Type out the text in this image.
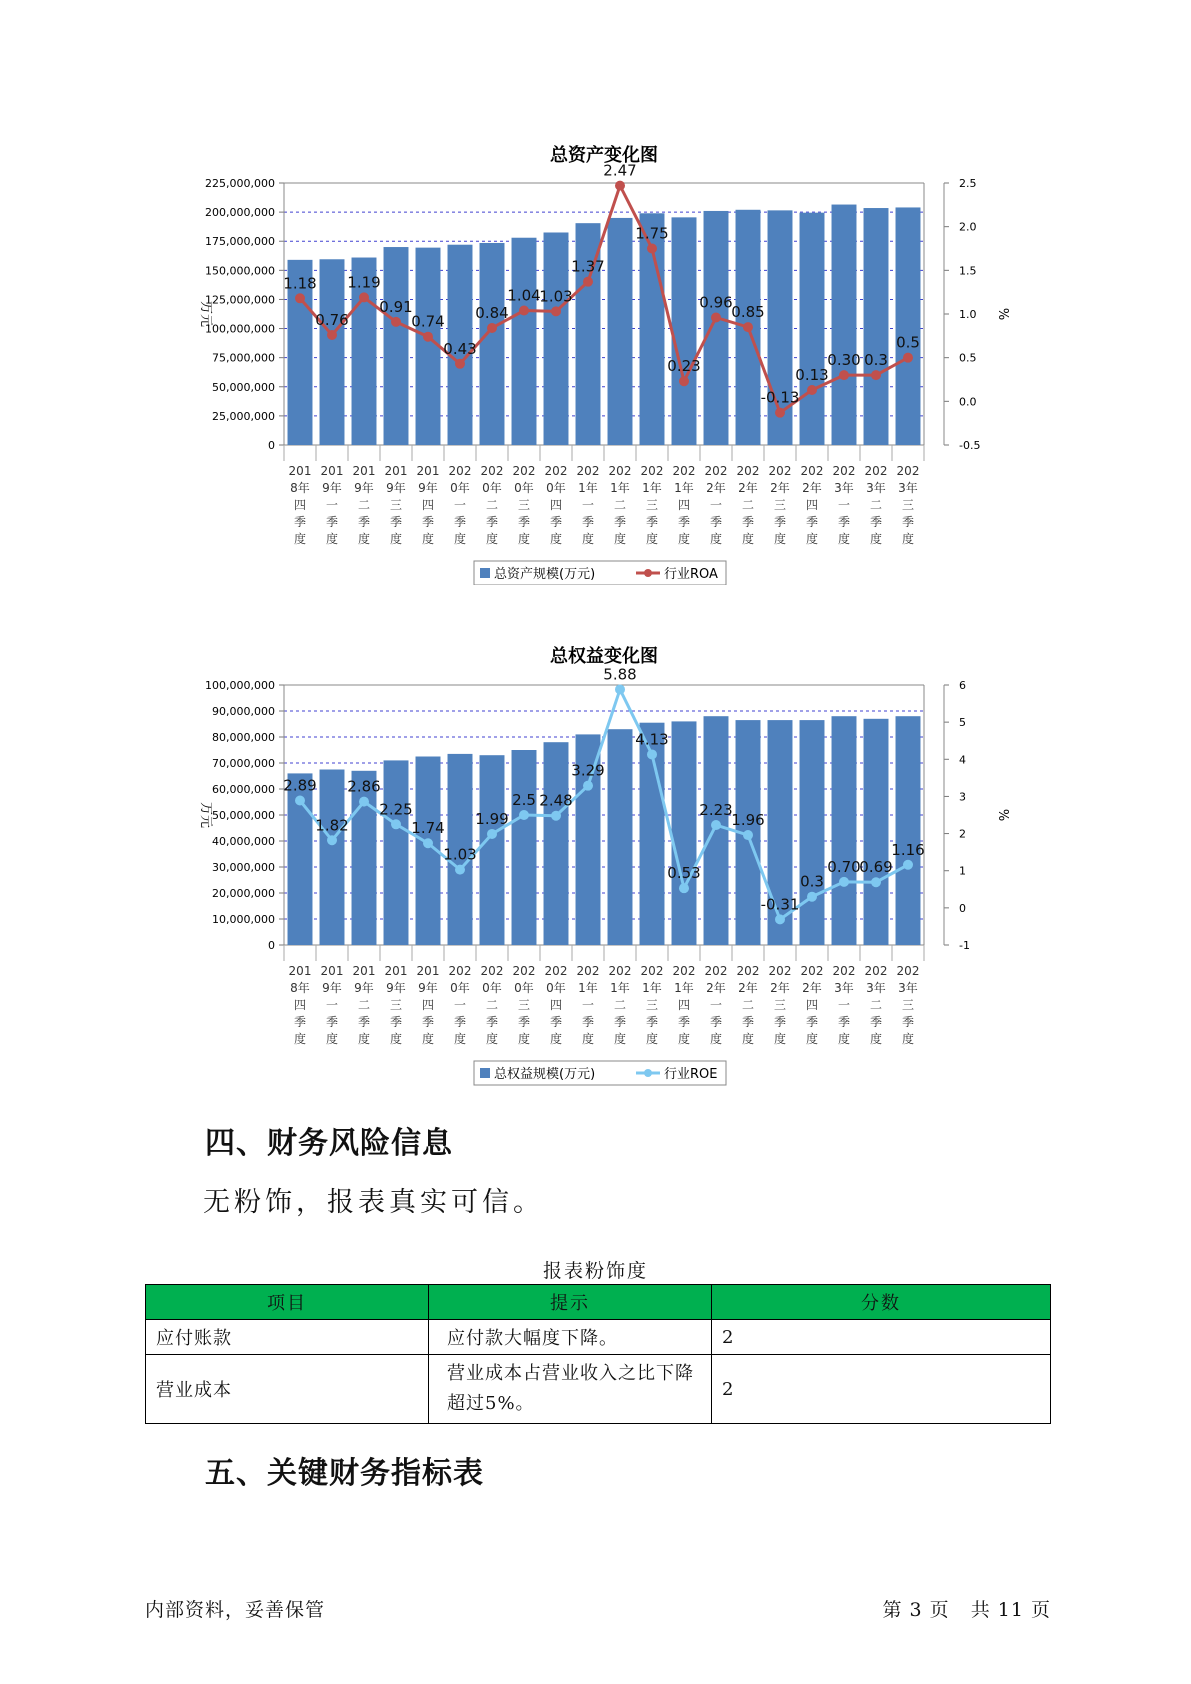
总资产变化图
0
25,000,000
50,000,000
75,000,000
100,000,000
125,000,000
150,000,000
175,000,000
200,000,000
225,000,000
-0.5
0.0
0.5
1.0
1.5
2.0
2.5
万元	%
201
8年
四
季
度
201
9年
一
季
度
201
9年
二
季
度
201
9年
三
季
度
201
9年
四
季
度
202
0年
一
季
度
202
0年
二
季
度
202
0年
三
季
度
202
0年
四
季
度
202
1年
一
季
度
202
1年
二
季
度
202
1年
三
季
度
202
1年
四
季
度
202
2年
一
季
度
202
2年
二
季
度
202
2年
三
季
度
202
2年
四
季
度
202
3年
一
季
度
202
3年
二
季
度
202
3年
三
季
度
1.18
0.76
1.19
0.91
0.74
0.43
0.84
1.04
1.03
1.37
2.47
1.75
0.23
0.96
0.85
-0.13
0.13
0.30 0.3
0.5
总资产规模(万元)	行业ROA
总权益变化图
0
10,000,000
20,000,000
30,000,000
40,000,000
50,000,000
60,000,000
70,000,000
80,000,000
90,000,000
100,000,000
-1
0
1
2
3
4
5
6
万元	%
201
8年
四
季
度
201
9年
一
季
度
201
9年
二
季
度
201
9年
三
季
度
201
9年
四
季
度
202
0年
一
季
度
202
0年
二
季
度
202
0年
三
季
度
202
0年
四
季
度
202
1年
一
季
度
202
1年
二
季
度
202
1年
三
季
度
202
1年
四
季
度
202
2年
一
季
度
202
2年
二
季
度
202
2年
三
季
度
202
2年
四
季
度
202
3年
一
季
度
202
3年
二
季
度
202
3年
三
季
度
2.89
1.82
2.86
2.25
1.74
1.03
1.99
2.5 2.48
3.29
5.88
4.13
0.53
2.23
1.96
-0.31
0.3
0.70
0.69
1.16
总权益规模(万元)	行业ROE
四、财务风险信息
无粉饰，报表真实可信。
报表粉饰度
项目	提示	分数
应付账款	应付款大幅度下降。	2
营业成本	营业成本占营业收入之比下降超过5%。	2
五、关键财务指标表
内部资料，妥善保管	第 3 页   共 11 页
